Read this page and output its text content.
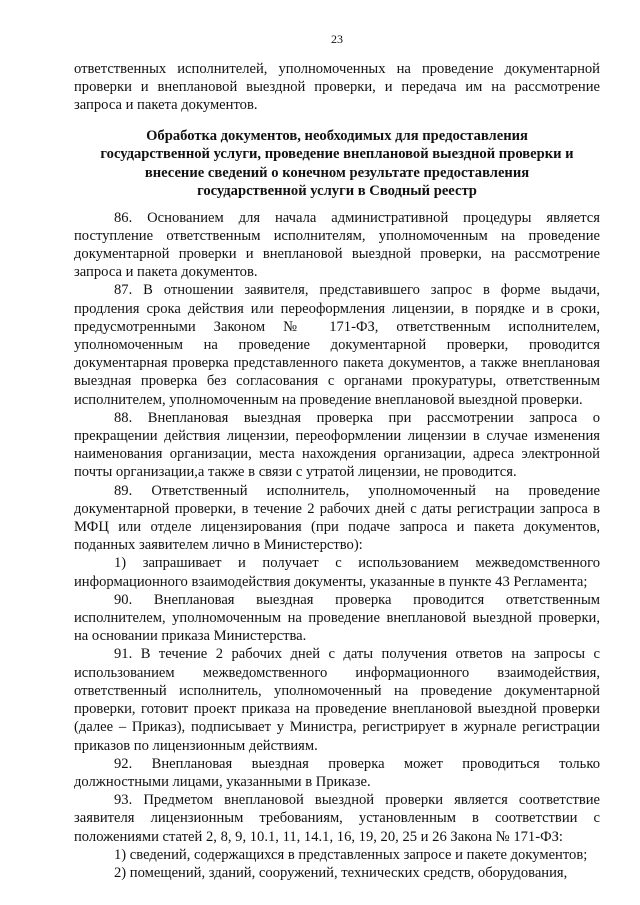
23

ответственных исполнителей, уполномоченных на проведение документарной проверки и внеплановой выездной проверки, и передача им на рассмотрение запроса и пакета документов.

Обработка документов, необходимых для предоставления
государственной услуги, проведение внеплановой выездной проверки и
внесение сведений о конечном результате предоставления
государственной услуги в Сводный реестр

86. Основанием для начала административной процедуры является поступление ответственным исполнителям, уполномоченным на проведение документарной проверки и внеплановой выездной проверки, на рассмотрение запроса и пакета документов.

87. В отношении заявителя, представившего запрос в форме выдачи, продления срока действия или переоформления лицензии, в порядке и в сроки, предусмотренными Законом № 171-ФЗ, ответственным исполнителем, уполномоченным на проведение документарной проверки, проводится документарная проверка представленного пакета документов, а также внеплановая выездная проверка без согласования с органами прокуратуры, ответственным исполнителем, уполномоченным на проведение внеплановой выездной проверки.

88. Внеплановая выездная проверка при рассмотрении запроса о прекращении действия лицензии, переоформлении лицензии в случае изменения наименования организации, места нахождения организации, адреса электронной почты организации,а также в связи с утратой лицензии, не проводится.

89. Ответственный исполнитель, уполномоченный на проведение документарной проверки, в течение 2 рабочих дней с даты регистрации запроса в МФЦ или отделе лицензирования (при подаче запроса и пакета документов, поданных заявителем лично в Министерство):

1) запрашивает и получает с использованием межведомственного информационного взаимодействия документы, указанные в пункте 43 Регламента;

90. Внеплановая выездная проверка проводится ответственным исполнителем, уполномоченным на проведение внеплановой выездной проверки, на основании приказа Министерства.

91. В течение 2 рабочих дней с даты получения ответов на запросы с использованием межведомственного информационного взаимодействия, ответственный исполнитель, уполномоченный на проведение документарной проверки, готовит проект приказа на проведение внеплановой выездной проверки (далее – Приказ), подписывает у Министра, регистрирует в журнале регистрации приказов по лицензионным действиям.

92. Внеплановая выездная проверка может проводиться только должностными лицами, указанными в Приказе.

93. Предметом внеплановой выездной проверки является соответствие заявителя лицензионным требованиям, установленным в соответствии с положениями статей 2, 8, 9, 10.1, 11, 14.1, 16, 19, 20, 25 и 26 Закона № 171-ФЗ:

1) сведений, содержащихся в представленных запросе и пакете документов;

2) помещений, зданий, сооружений, технических средств, оборудования,
